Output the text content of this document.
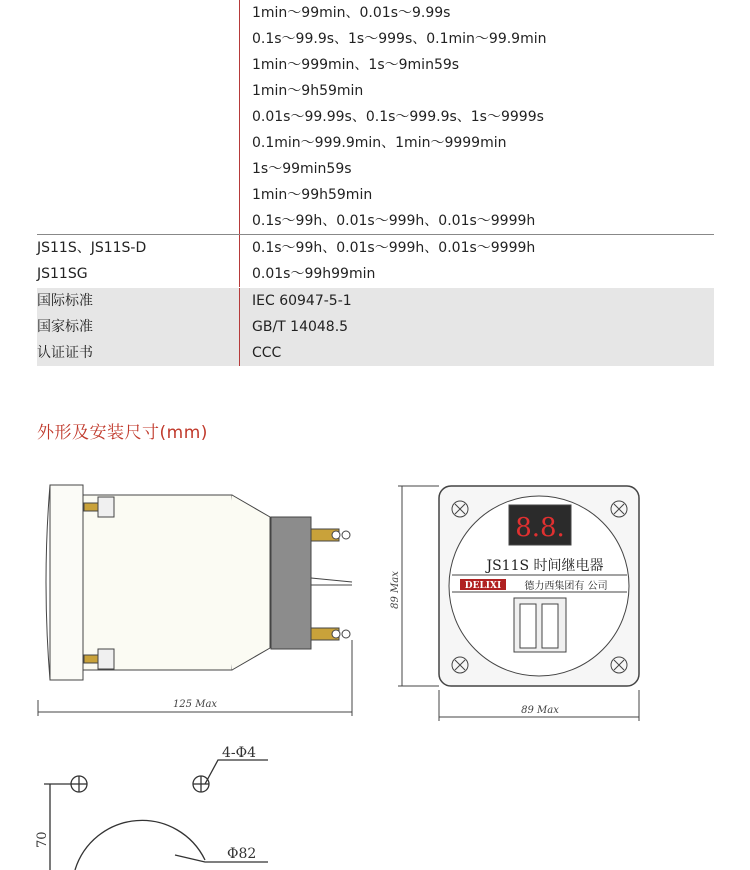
1min～99min、0.01s～9.99s
0.1s～99.9s、1s～999s、0.1min～99.9min
1min～999min、1s～9min59s
1min～9h59min
0.01s～99.99s、0.1s～999.9s、1s～9999s
0.1min～999.9min、1min～9999min
1s～99min59s
1min～99h59min
0.1s～99h、0.01s～999h、0.01s～9999h
JS11S、JS11S-D	0.1s～99h、0.01s～999h、0.01s～9999h
JS11SG	0.01s～99h99min
国际标准	IEC 60947-5-1
国家标准	GB/T 14048.5
认证证书	CCC
外形及安装尺寸(mm)
125 Max
8.8.
JS11S 时间继电器
DELIXI 德力西集团有 公司
89 Max
89 Max
4-Φ4
Φ82
70
